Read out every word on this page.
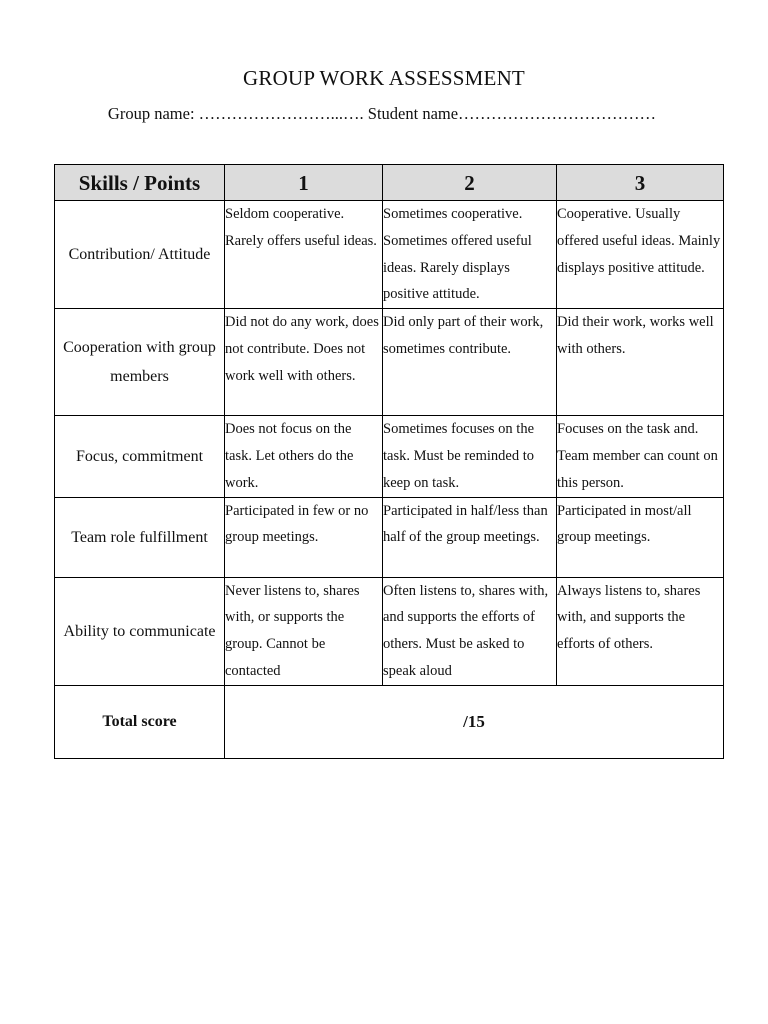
GROUP WORK ASSESSMENT
Group name: ……………………...…. Student name………………………………
Skills / Points	1	2	3
Contribution/ Attitude	Seldom cooperative. Rarely offers useful ideas.	Sometimes cooperative. Sometimes offered useful ideas. Rarely displays positive attitude.	Cooperative. Usually offered useful ideas. Mainly displays positive attitude.
Cooperation with group members	Did not do any work, does not contribute. Does not work well with others.	Did only part of their work, sometimes contribute.	Did their work, works well with others.
Focus, commitment	Does not focus on the task. Let others do the work.	Sometimes focuses on the task. Must be reminded to keep on task.	Focuses on the task and. Team member can count on this person.
Team role fulfillment	Participated in few or no group meetings.	Participated in half/less than half of the group meetings.	Participated in most/all group meetings.
Ability to communicate	Never listens to, shares with, or supports the group. Cannot be contacted	Often listens to, shares with, and supports the efforts of others. Must be asked to speak aloud	Always listens to, shares with, and supports the efforts of others.
Total score	/15		
